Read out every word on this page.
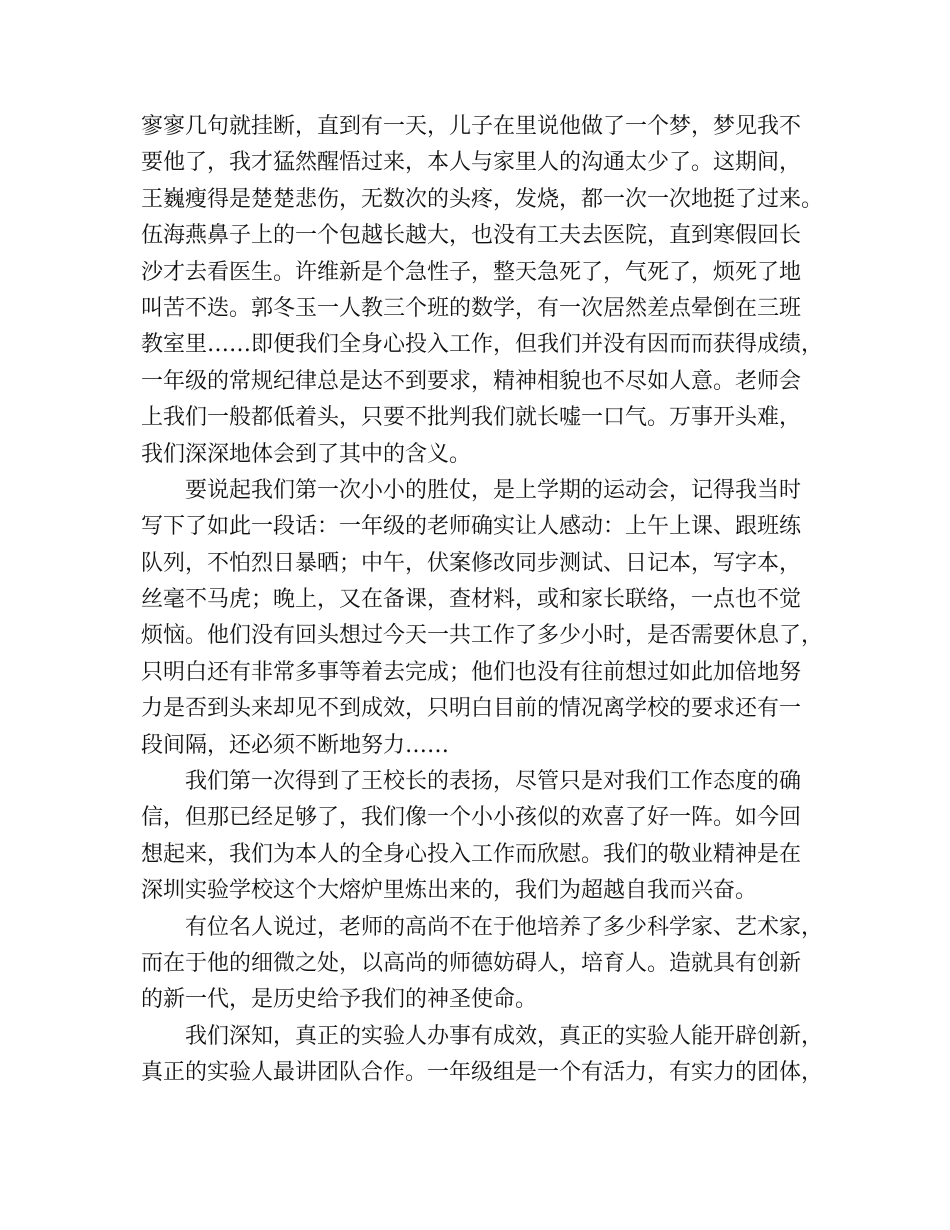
寥寥几句就挂断，直到有一天，儿子在里说他做了一个梦，梦见我不
要他了，我才猛然醒悟过来，本人与家里人的沟通太少了。这期间，
王巍瘦得是楚楚悲伤，无数次的头疼，发烧，都一次一次地挺了过来。
伍海燕鼻子上的一个包越长越大，也没有工夫去医院，直到寒假回长
沙才去看医生。许维新是个急性子，整天急死了，气死了，烦死了地
叫苦不迭。郭冬玉一人教三个班的数学，有一次居然差点晕倒在三班
教室里……即便我们全身心投入工作，但我们并没有因而而获得成绩，
一年级的常规纪律总是达不到要求，精神相貌也不尽如人意。老师会
上我们一般都低着头，只要不批判我们就长嘘一口气。万事开头难，
我们深深地体会到了其中的含义。
要说起我们第一次小小的胜仗，是上学期的运动会，记得我当时
写下了如此一段话：一年级的老师确实让人感动：上午上课、跟班练
队列，不怕烈日暴晒；中午，伏案修改同步测试、日记本，写字本，
丝毫不马虎；晚上，又在备课，查材料，或和家长联络，一点也不觉
烦恼。他们没有回头想过今天一共工作了多少小时，是否需要休息了，
只明白还有非常多事等着去完成；他们也没有往前想过如此加倍地努
力是否到头来却见不到成效，只明白目前的情况离学校的要求还有一
段间隔，还必须不断地努力……
我们第一次得到了王校长的表扬，尽管只是对我们工作态度的确
信，但那已经足够了，我们像一个小小孩似的欢喜了好一阵。如今回
想起来，我们为本人的全身心投入工作而欣慰。我们的敬业精神是在
深圳实验学校这个大熔炉里炼出来的，我们为超越自我而兴奋。
有位名人说过，老师的高尚不在于他培养了多少科学家、艺术家，
而在于他的细微之处，以高尚的师德妨碍人，培育人。造就具有创新
的新一代，是历史给予我们的神圣使命。
我们深知，真正的实验人办事有成效，真正的实验人能开辟创新，
真正的实验人最讲团队合作。一年级组是一个有活力，有实力的团体，
